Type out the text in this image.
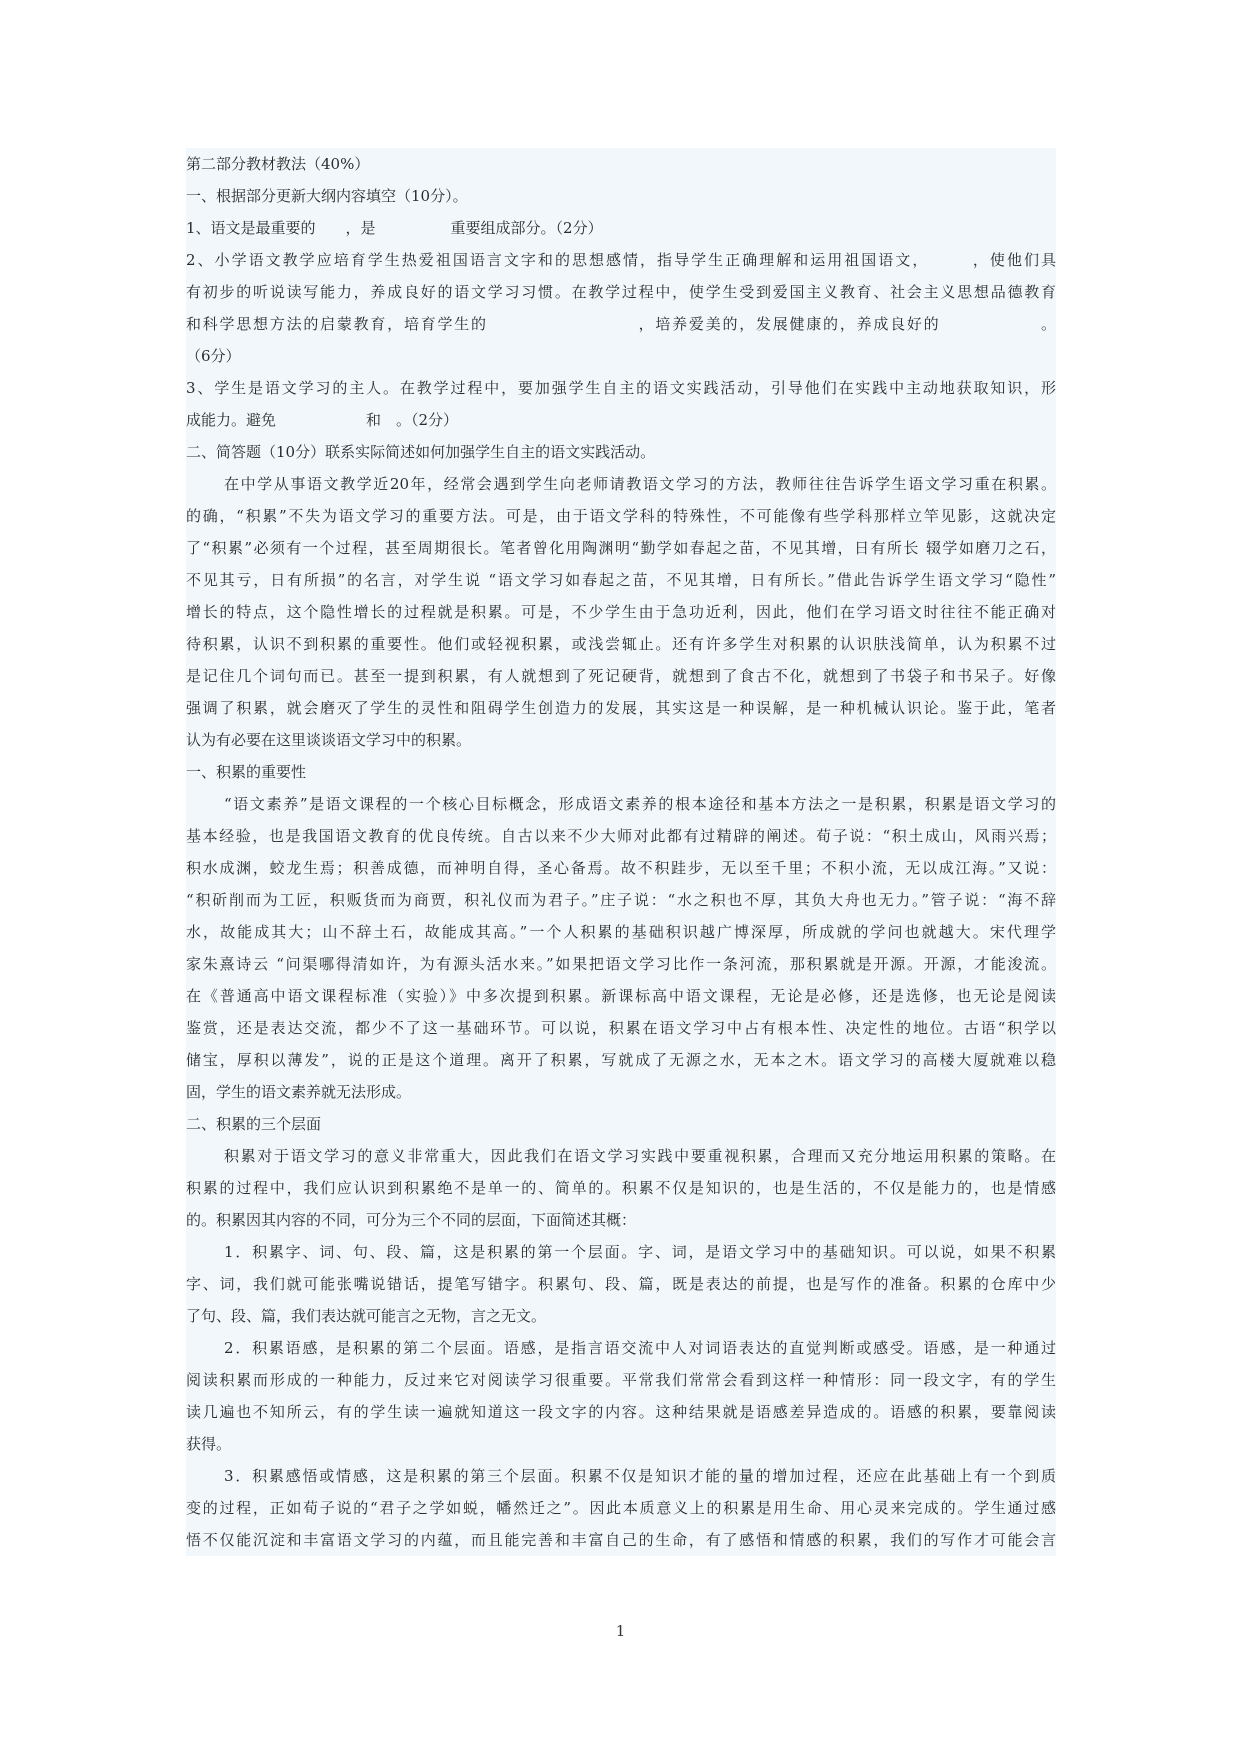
第二部分教材教法（40%）
一、根据部分更新大纲内容填空（10分）。
1、语文是最重要的　　，是　　　　　重要组成部分。（2分）
2、小学语文教学应培育学生热爱祖国语言文字和的思想感情，指导学生正确理解和运用祖国语文，　　　，使他们具
有初步的听说读写能力，养成良好的语文学习习惯。在教学过程中，使学生受到爱国主义教育、社会主义思想品德教育
和科学思想方法的启蒙教育，培育学生的　　　　　　　　　，培养爱美的，发展健康的，养成良好的　　　　　　。
（6分）
3、学生是语文学习的主人。在教学过程中，要加强学生自主的语文实践活动，引导他们在实践中主动地获取知识，形
成能力。避免　　　　　　和　。（2分）
二、简答题（10分）联系实际简述如何加强学生自主的语文实践活动。
在中学从事语文教学近20年，经常会遇到学生向老师请教语文学习的方法，教师往往告诉学生语文学习重在积累。
的确，“积累”不失为语文学习的重要方法。可是，由于语文学科的特殊性，不可能像有些学科那样立竿见影，这就决定
了“积累”必须有一个过程，甚至周期很长。笔者曾化用陶渊明“勤学如春起之苗，不见其增，日有所长 辍学如磨刀之石，
不见其亏，日有所损”的名言，对学生说 “语文学习如春起之苗，不见其增，日有所长。”借此告诉学生语文学习“隐性”
增长的特点，这个隐性增长的过程就是积累。可是，不少学生由于急功近利，因此，他们在学习语文时往往不能正确对
待积累，认识不到积累的重要性。他们或轻视积累，或浅尝辄止。还有许多学生对积累的认识肤浅简单，认为积累不过
是记住几个词句而已。甚至一提到积累，有人就想到了死记硬背，就想到了食古不化，就想到了书袋子和书呆子。好像
强调了积累，就会磨灭了学生的灵性和阻碍学生创造力的发展，其实这是一种误解，是一种机械认识论。鉴于此，笔者
认为有必要在这里谈谈语文学习中的积累。
一、积累的重要性
“语文素养”是语文课程的一个核心目标概念，形成语文素养的根本途径和基本方法之一是积累，积累是语文学习的
基本经验，也是我国语文教育的优良传统。自古以来不少大师对此都有过精辟的阐述。荀子说：“积土成山，风雨兴焉；
积水成渊，蛟龙生焉；积善成德，而神明自得，圣心备焉。故不积跬步，无以至千里；不积小流，无以成江海。”又说：
“积斫削而为工匠，积贩货而为商贾，积礼仪而为君子。”庄子说：“水之积也不厚，其负大舟也无力。”管子说：“海不辞
水，故能成其大；山不辞土石，故能成其高。”一个人积累的基础积识越广博深厚，所成就的学问也就越大。宋代理学
家朱熹诗云 “问渠哪得清如许，为有源头活水来。”如果把语文学习比作一条河流，那积累就是开源。开源，才能浚流。
在《普通高中语文课程标准（实验）》中多次提到积累。新课标高中语文课程，无论是必修，还是选修，也无论是阅读
鉴赏，还是表达交流，都少不了这一基础环节。可以说，积累在语文学习中占有根本性、决定性的地位。古语“积学以
储宝，厚积以薄发”，说的正是这个道理。离开了积累，写就成了无源之水，无本之木。语文学习的高楼大厦就难以稳
固，学生的语文素养就无法形成。
二、积累的三个层面
积累对于语文学习的意义非常重大，因此我们在语文学习实践中要重视积累，合理而又充分地运用积累的策略。在
积累的过程中，我们应认识到积累绝不是单一的、简单的。积累不仅是知识的，也是生活的，不仅是能力的，也是情感
的。积累因其内容的不同，可分为三个不同的层面，下面简述其概：
1．积累字、词、句、段、篇，这是积累的第一个层面。字、词，是语文学习中的基础知识。可以说，如果不积累
字、词，我们就可能张嘴说错话，提笔写错字。积累句、段、篇，既是表达的前提，也是写作的准备。积累的仓库中少
了句、段、篇，我们表达就可能言之无物，言之无文。
2．积累语感，是积累的第二个层面。语感，是指言语交流中人对词语表达的直觉判断或感受。语感，是一种通过
阅读积累而形成的一种能力，反过来它对阅读学习很重要。平常我们常常会看到这样一种情形：同一段文字，有的学生
读几遍也不知所云，有的学生读一遍就知道这一段文字的内容。这种结果就是语感差异造成的。语感的积累，要靠阅读
获得。
3．积累感悟或情感，这是积累的第三个层面。积累不仅是知识才能的量的增加过程，还应在此基础上有一个到质
变的过程，正如荀子说的“君子之学如蜕，幡然迁之”。因此本质意义上的积累是用生命、用心灵来完成的。学生通过感
悟不仅能沉淀和丰富语文学习的内蕴，而且能完善和丰富自己的生命，有了感悟和情感的积累，我们的写作才可能会言
1
